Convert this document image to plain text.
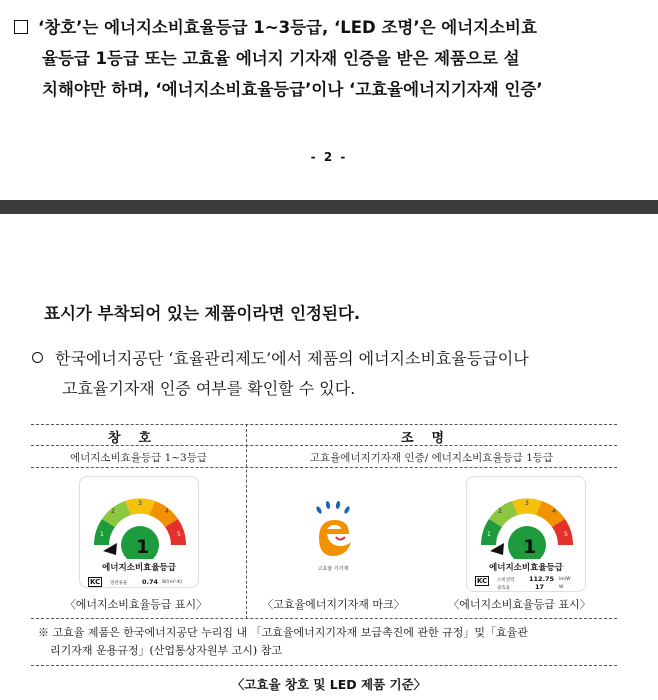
‘창호’는 에너지소비효율등급 1~3등급, ‘LED 조명’은 에너지소비효
율등급 1등급 또는 고효율 에너지 기자재 인증을 받은 제품으로 설
치해야만 하며, ‘에너지소비효율등급’이나 ‘고효율에너지기자재 인증’
- 2 -
표시가 부착되어 있는 제품이라면 인정된다.
한국에너지공단 ‘효율관리제도’에서 제품의 에너지소비효율등급이나
고효율기자재 인증 여부를 확인할 수 있다.
창호	조명
에너지소비효율등급 1~3등급	고효율에너지기자재 인증/ 에너지소비효율등급 1등급
1
2
3
4
5
1
에너지소비효율등급
KC	열관류율 0.74 W/(m²·K)
고효율 기자재
1
2
3
4
5
1
에너지소비효율등급
KC	소비전력 112.75 lm/W
광효율	17	W
〈에너지소비효율등급 표시〉	〈고효율에너지기자재 마크〉	〈에너지소비효율등급 표시〉
※ 고효율 제품은 한국에너지공단 누리집 내 「고효율에너지기자재 보급촉진에 관한 규정」및「효율관
리기자재 운용규정」(산업통상자원부 고시) 참고
〈고효율 창호 및 LED 제품 기준〉
